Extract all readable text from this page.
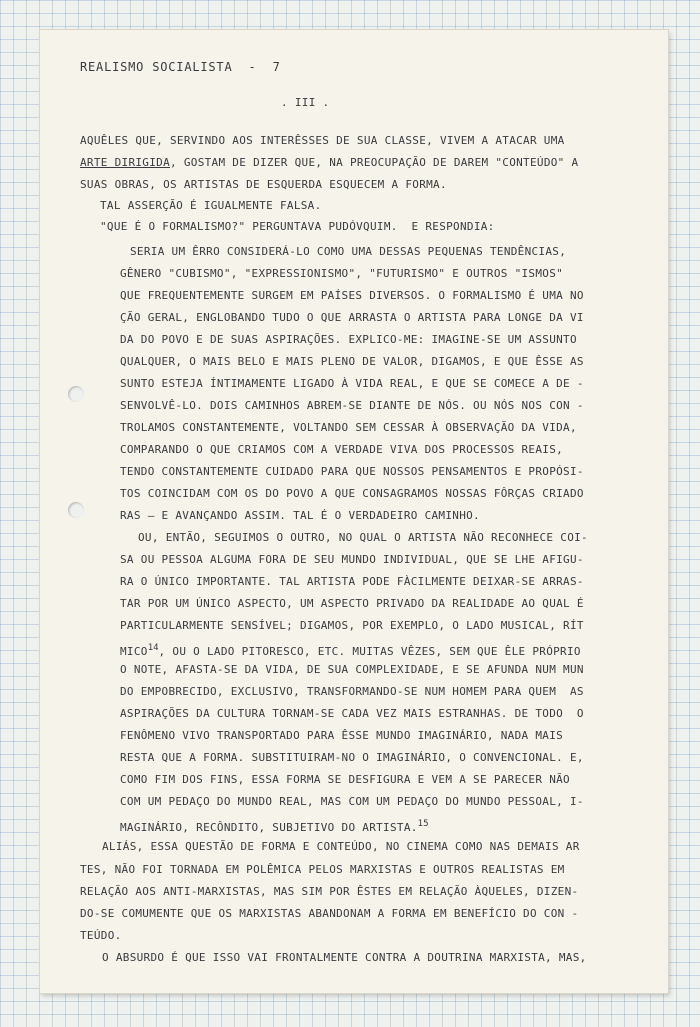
REALISMO SOCIALISTA  -  7
. III .
AQUÊLES QUE, SERVINDO AOS INTERÊSSES DE SUA CLASSE, VIVEM A ATACAR UMA
ARTE DIRIGIDA, GOSTAM DE DIZER QUE, NA PREOCUPAÇÃO DE DAREM "CONTEÚDO" A
SUAS OBRAS, OS ARTISTAS DE ESQUERDA ESQUECEM A FORMA.
TAL ASSERÇÃO É IGUALMENTE FALSA.
"QUE É O FORMALISMO?" PERGUNTAVA PUDÓVQUIM.  E RESPONDIA:
SERIA UM ÊRRO CONSIDERÁ-LO COMO UMA DESSAS PEQUENAS TENDÊNCIAS,
GÊNERO "CUBISMO", "EXPRESSIONISMO", "FUTURISMO" E OUTROS "ISMOS"
QUE FREQUENTEMENTE SURGEM EM PAÍSES DIVERSOS. O FORMALISMO É UMA NO
ÇÃO GERAL, ENGLOBANDO TUDO O QUE ARRASTA O ARTISTA PARA LONGE DA VI
DA DO POVO E DE SUAS ASPIRAÇÕES. EXPLICO-ME: IMAGINE-SE UM ASSUNTO
QUALQUER, O MAIS BELO E MAIS PLENO DE VALOR, DIGAMOS, E QUE ÊSSE AS
SUNTO ESTEJA ÍNTIMAMENTE LIGADO À VIDA REAL, E QUE SE COMECE A DE -
SENVOLVÊ-LO. DOIS CAMINHOS ABREM-SE DIANTE DE NÓS. OU NÓS NOS CON -
TROLAMOS CONSTANTEMENTE, VOLTANDO SEM CESSAR À OBSERVAÇÃO DA VIDA,
COMPARANDO O QUE CRIAMOS COM A VERDADE VIVA DOS PROCESSOS REAIS,
TENDO CONSTANTEMENTE CUIDADO PARA QUE NOSSOS PENSAMENTOS E PROPÓSI-
TOS COINCIDAM COM OS DO POVO A QUE CONSAGRAMOS NOSSAS FÔRÇAS CRIADO
RAS — E AVANÇANDO ASSIM. TAL É O VERDADEIRO CAMINHO.
OU, ENTÃO, SEGUIMOS O OUTRO, NO QUAL O ARTISTA NÃO RECONHECE COI-
SA OU PESSOA ALGUMA FORA DE SEU MUNDO INDIVIDUAL, QUE SE LHE AFIGU-
RA O ÚNICO IMPORTANTE. TAL ARTISTA PODE FÀCILMENTE DEIXAR-SE ARRAS-
TAR POR UM ÚNICO ASPECTO, UM ASPECTO PRIVADO DA REALIDADE AO QUAL É
PARTICULARMENTE SENSÍVEL; DIGAMOS, POR EXEMPLO, O LADO MUSICAL, RÍT
MICO$^{14}$, OU O LADO PITORESCO, ETC. MUITAS VÊZES, SEM QUE ÊLE PRÓPRIO
O NOTE, AFASTA-SE DA VIDA, DE SUA COMPLEXIDADE, E SE AFUNDA NUM MUN
DO EMPOBRECIDO, EXCLUSIVO, TRANSFORMANDO-SE NUM HOMEM PARA QUEM  AS
ASPIRAÇÕES DA CULTURA TORNAM-SE CADA VEZ MAIS ESTRANHAS. DE TODO  O
FENÔMENO VIVO TRANSPORTADO PARA ÊSSE MUNDO IMAGINÁRIO, NADA MAIS
RESTA QUE A FORMA. SUBSTITUIRAM-NO O IMAGINÁRIO, O CONVENCIONAL. E,
COMO FIM DOS FINS, ESSA FORMA SE DESFIGURA E VEM A SE PARECER NÃO
COM UM PEDAÇO DO MUNDO REAL, MAS COM UM PEDAÇO DO MUNDO PESSOAL, I-
MAGINÁRIO, RECÔNDITO, SUBJETIVO DO ARTISTA.$^{15}$
ALIÁS, ESSA QUESTÃO DE FORMA E CONTEÚDO, NO CINEMA COMO NAS DEMAIS AR
TES, NÃO FOI TORNADA EM POLÊMICA PELOS MARXISTAS E OUTROS REALISTAS EM
RELAÇÃO AOS ANTI-MARXISTAS, MAS SIM POR ÊSTES EM RELAÇÃO ÀQUELES, DIZEN-
DO-SE COMUMENTE QUE OS MARXISTAS ABANDONAM A FORMA EM BENEFÍCIO DO CON -
TEÚDO.
O ABSURDO É QUE ISSO VAI FRONTALMENTE CONTRA A DOUTRINA MARXISTA, MAS,
